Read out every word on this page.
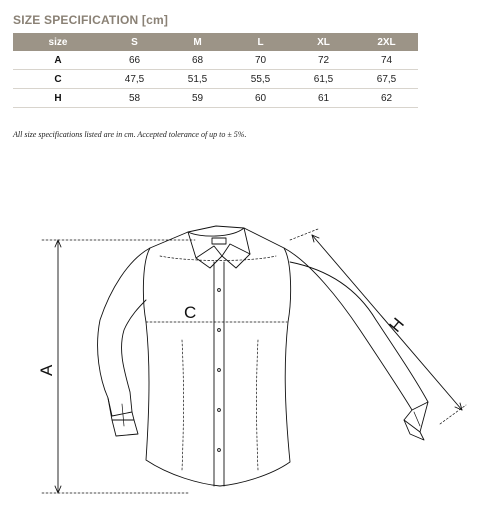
SIZE SPECIFICATION [cm]
size	S	M	L	XL	2XL
A	66	68	70	72	74
C	47,5	51,5	55,5	61,5	67,5
H	58	59	60	61	62
All size specifications listed are in cm. Accepted tolerance of up to ± 5%.
A
C
H
